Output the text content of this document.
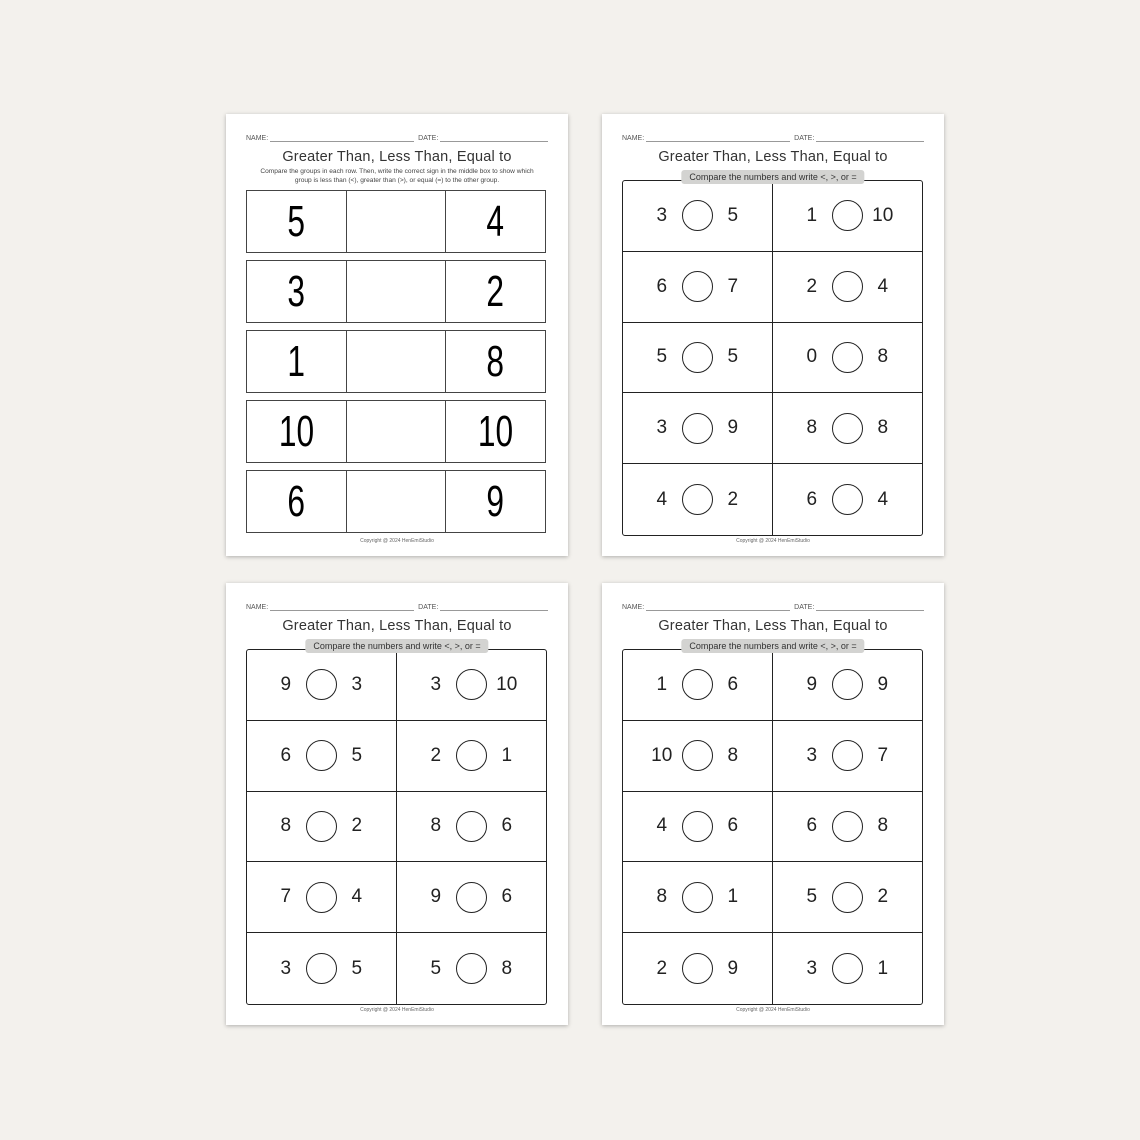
NAME:	DATE:
Greater Than, Less Than, Equal to
Compare the groups in each row. Then, write the correct sign in the middle box to show which group is less than (<), greater than (>), or equal (=) to the other group.
5	4
3	2
1	8
10	10
6	9
Copyright @ 2024 HenEmiStudio
NAME:	DATE:
Greater Than, Less Than, Equal to
Compare the numbers and write <, >, or =
3	5	1	10
6	7	2	4
5	5	0	8
3	9	8	8
4	2	6	4
Copyright @ 2024 HenEmiStudio
NAME:	DATE:
Greater Than, Less Than, Equal to
Compare the numbers and write <, >, or =
9	3	3	10
6	5	2	1
8	2	8	6
7	4	9	6
3	5	5	8
Copyright @ 2024 HenEmiStudio
NAME:	DATE:
Greater Than, Less Than, Equal to
Compare the numbers and write <, >, or =
1	6	9	9
10	8	3	7
4	6	6	8
8	1	5	2
2	9	3	1
Copyright @ 2024 HenEmiStudio
